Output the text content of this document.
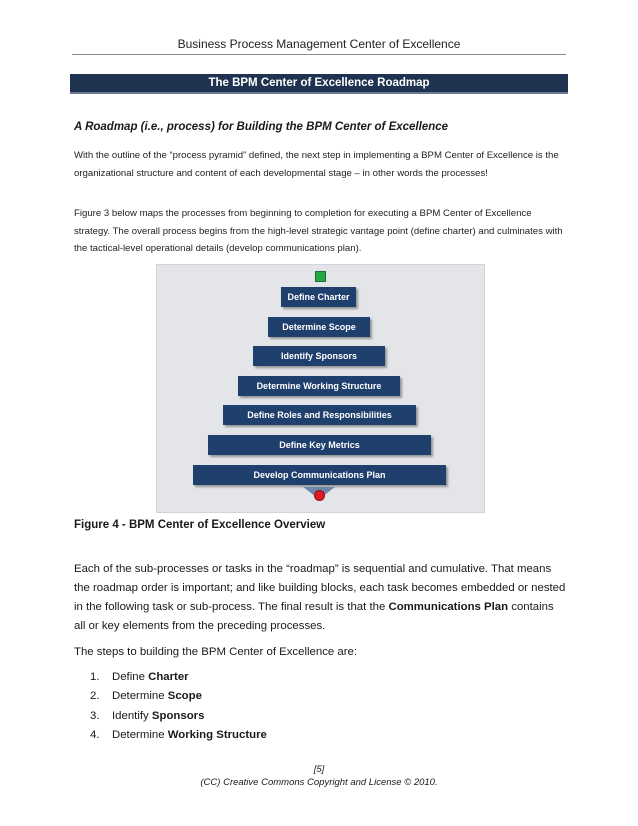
Business Process Management Center of Excellence
The BPM Center of Excellence Roadmap
A Roadmap (i.e., process) for Building the BPM Center of Excellence
With the outline of the “process pyramid” defined, the next step in implementing a BPM Center of Excellence is the organizational structure and content of each developmental stage – in other words the processes!
Figure 3 below maps the processes from beginning to completion for executing a BPM Center of Excellence strategy. The overall process begins from the high-level strategic vantage point (define charter) and culminates with the tactical-level operational details (develop communications plan).
Define Charter
Determine Scope
Identify Sponsors
Determine Working Structure
Define Roles and Responsibilities
Define Key Metrics
Develop Communications Plan
Figure 4 - BPM Center of Excellence Overview
Each of the sub-processes or tasks in the “roadmap” is sequential and cumulative. That means the roadmap order is important; and like building blocks, each task becomes embedded or nested in the following task or sub-process. The final result is that the Communications Plan contains all or key elements from the preceding processes.
The steps to building the BPM Center of Excellence are:
1.	Define Charter
2.	Determine Scope
3.	Identify Sponsors
4.	Determine Working Structure
[5]
(CC) Creative Commons Copyright and License © 2010.
